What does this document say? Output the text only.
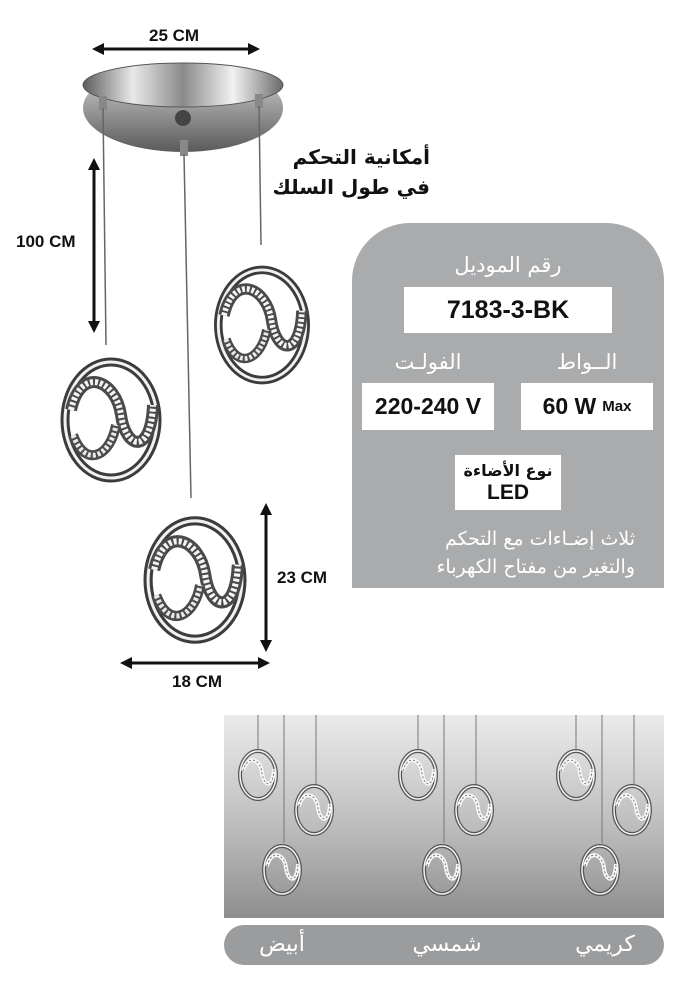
25 CM
100 CM
23 CM
18 CM
أمكانية التحكم
في طول السلك
رقم الموديل
7183-3-BK
الفولـت	الــواط
220-240 V	60 W Max
نوع الأضاءة
LED
ثلاث إضـاءات مع التحكم
والتغير من مفتاح الكهرباء
أبيض	شمسي	كريمي
